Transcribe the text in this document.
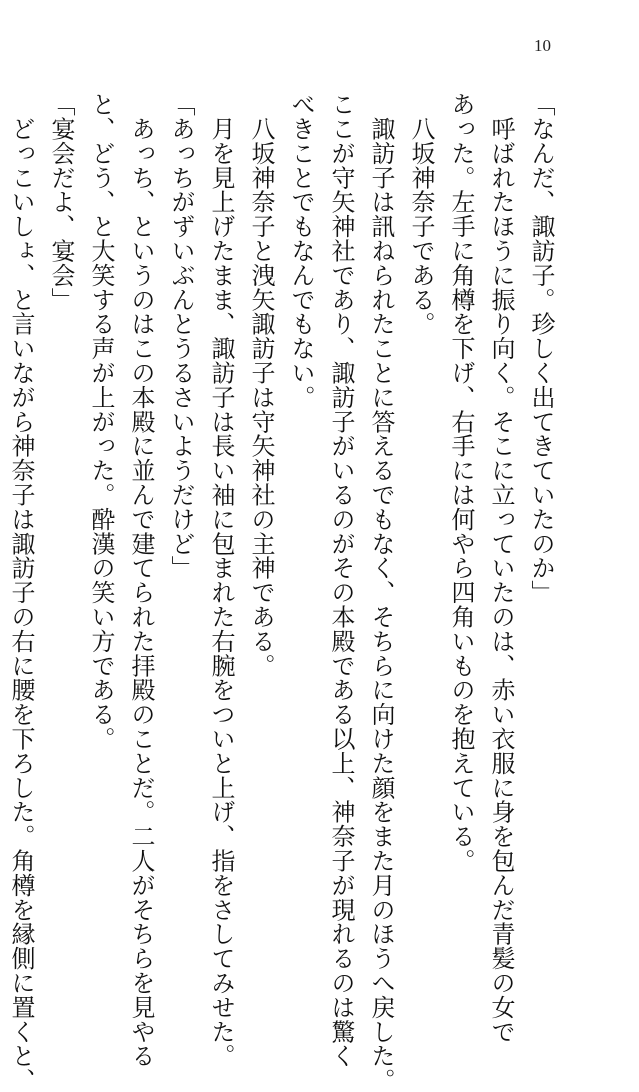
10

「なんだ、諏訪子。珍しく出てきていたのか」

　呼ばれたほうに振り向く。そこに立っていたのは、赤い衣服に身を包んだ青髪の女で

あった。左手に角樽を下げ、右手には何やら四角いものを抱えている。

　八坂神奈子である。

　諏訪子は訊ねられたことに答えるでもなく、そちらに向けた顔をまた月のほうへ戻した。

ここが守矢神社であり、諏訪子がいるのがその本殿である以上、神奈子が現れるのは驚く

べきことでもなんでもない。

　八坂神奈子と洩矢諏訪子は守矢神社の主神である。

　月を見上げたまま、諏訪子は長い袖に包まれた右腕をついと上げ、指をさしてみせた。

「あっちがずいぶんとうるさいようだけど」

　あっち、というのはこの本殿に並んで建てられた拝殿のことだ。二人がそちらを見やる

と、どう、と大笑する声が上がった。酔漢の笑い方である。

「宴会だよ、宴会」

　どっこいしょ、と言いながら神奈子は諏訪子の右に腰を下ろした。角樽を縁側に置くと、
